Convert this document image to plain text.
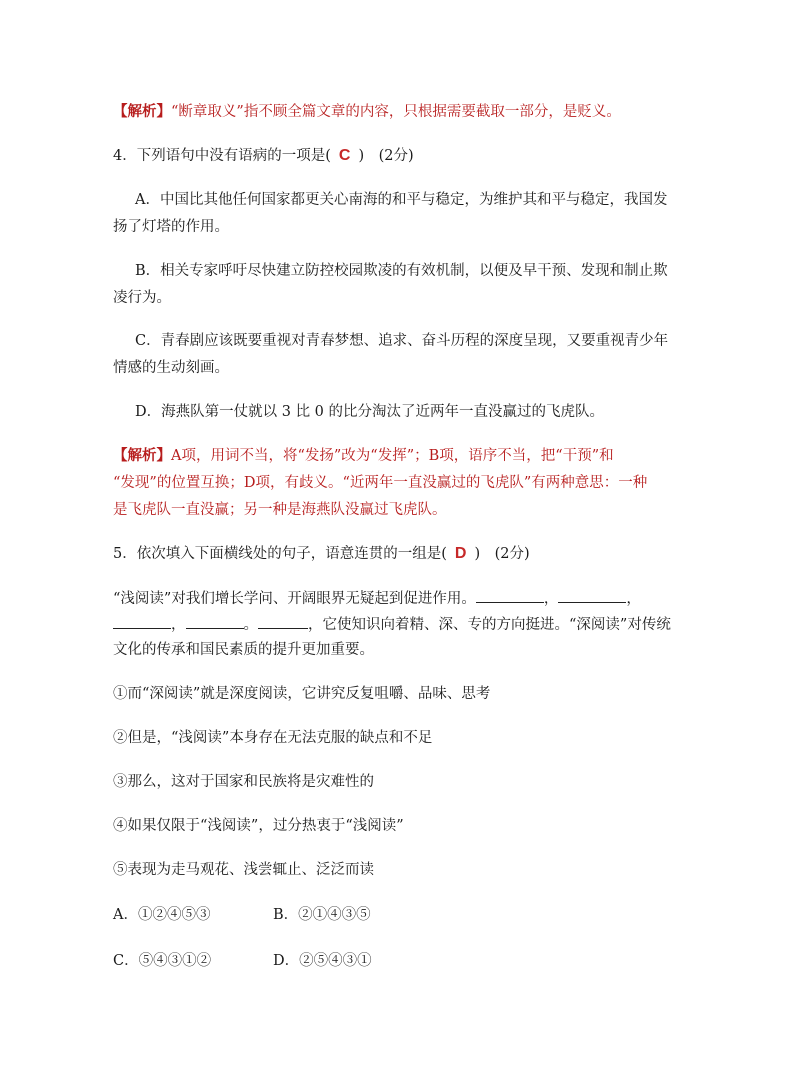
【解析】“断章取义”指不顾全篇文章的内容，只根据需要截取一部分，是贬义。
4．下列语句中没有语病的一项是( C )　(2分)
A．中国比其他任何国家都更关心南海的和平与稳定，为维护其和平与稳定，我国发
扬了灯塔的作用。
B．相关专家呼吁尽快建立防控校园欺凌的有效机制，以便及早干预、发现和制止欺
凌行为。
C．青春剧应该既要重视对青春梦想、追求、奋斗历程的深度呈现，又要重视青少年
情感的生动刻画。
D．海燕队第一仗就以 3 比 0 的比分淘汰了近两年一直没赢过的飞虎队。
【解析】A项，用词不当，将“发扬”改为“发挥”；B项，语序不当，把“干预”和
“发现”的位置互换；D项，有歧义。“近两年一直没赢过的飞虎队”有两种意思：一种
是飞虎队一直没赢；另一种是海燕队没赢过飞虎队。
5．依次填入下面横线处的句子，语意连贯的一组是( D )　(2分)
“浅阅读”对我们增长学问、开阔眼界无疑起到促进作用。	，	，
，	。	，它使知识向着精、深、专的方向挺进。“深阅读”对传统
文化的传承和国民素质的提升更加重要。
①而“深阅读”就是深度阅读，它讲究反复咀嚼、品味、思考
②但是，“浅阅读”本身存在无法克服的缺点和不足
③那么，这对于国家和民族将是灾难性的
④如果仅限于“浅阅读”，过分热衷于“浅阅读”
⑤表现为走马观花、浅尝辄止、泛泛而读
A．①②④⑤③	B．②①④③⑤
C．⑤④③①②	D．②⑤④③①
